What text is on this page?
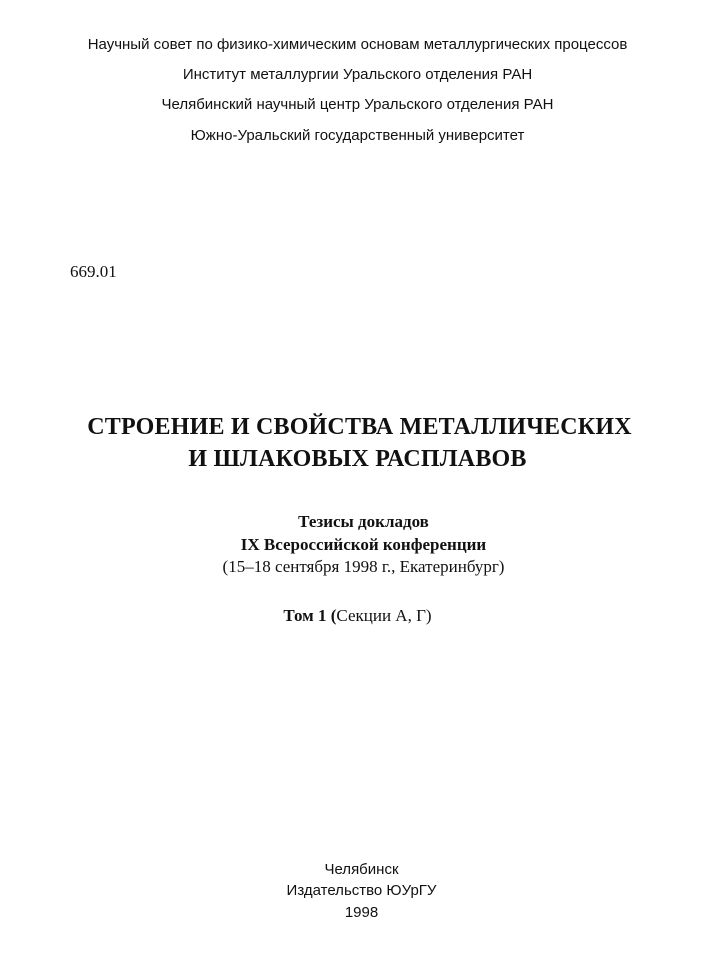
Научный совет по физико-химическим основам металлургических процессов
Институт металлургии Уральского отделения РАН
Челябинский научный центр Уральского отделения РАН
Южно-Уральский государственный университет
669.01
СТРОЕНИЕ И СВОЙСТВА МЕТАЛЛИЧЕСКИХ
И ШЛАКОВЫХ РАСПЛАВОВ
Тезисы докладов
IX Всероссийской конференции
(15–18 сентября 1998 г., Екатеринбург)
Том 1 (Секции А, Г)
Челябинск
Издательство ЮУрГУ
1998
